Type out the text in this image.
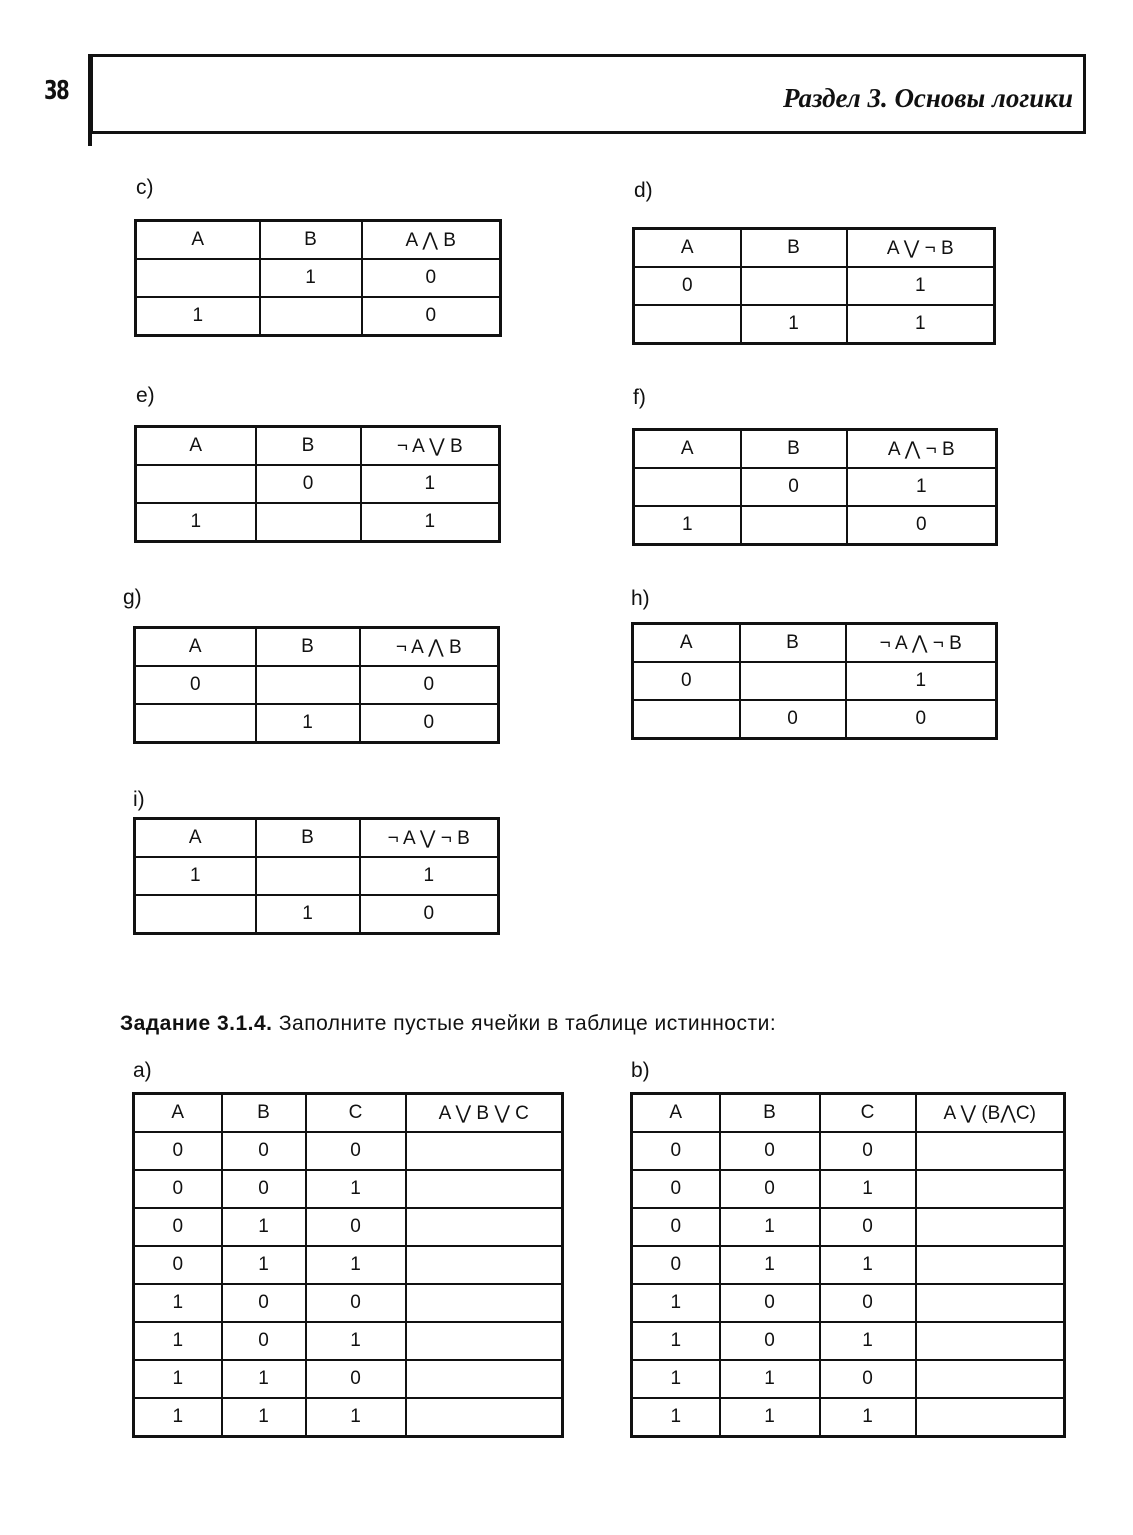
38	Раздел 3. Основы логики
c)
A	B	A ⋀ B
	1	0
1		0
d)
A	B	A ⋁ ¬ B
0		1
	1	1
e)
A	B	¬ A ⋁ B
	0	1
1		1
f)
A	B	A ⋀ ¬ B
	0	1
1		0
g)
A	B	¬ A ⋀ B
0		0
	1	0
h)
A	B	¬ A ⋀ ¬ B
0		1
	0	0
i)
A	B	¬ A ⋁ ¬ B
1		1
	1	0
Задание 3.1.4. Заполните пустые ячейки в таблице истинности:
a)
A	B	C	A ⋁ B ⋁ C
0	0	0	
0	0	1	
0	1	0	
0	1	1	
1	0	0	
1	0	1	
1	1	0	
1	1	1	
b)
A	B	C	A ⋁ (B⋀C)
0	0	0	
0	0	1	
0	1	0	
0	1	1	
1	0	0	
1	0	1	
1	1	0	
1	1	1	
